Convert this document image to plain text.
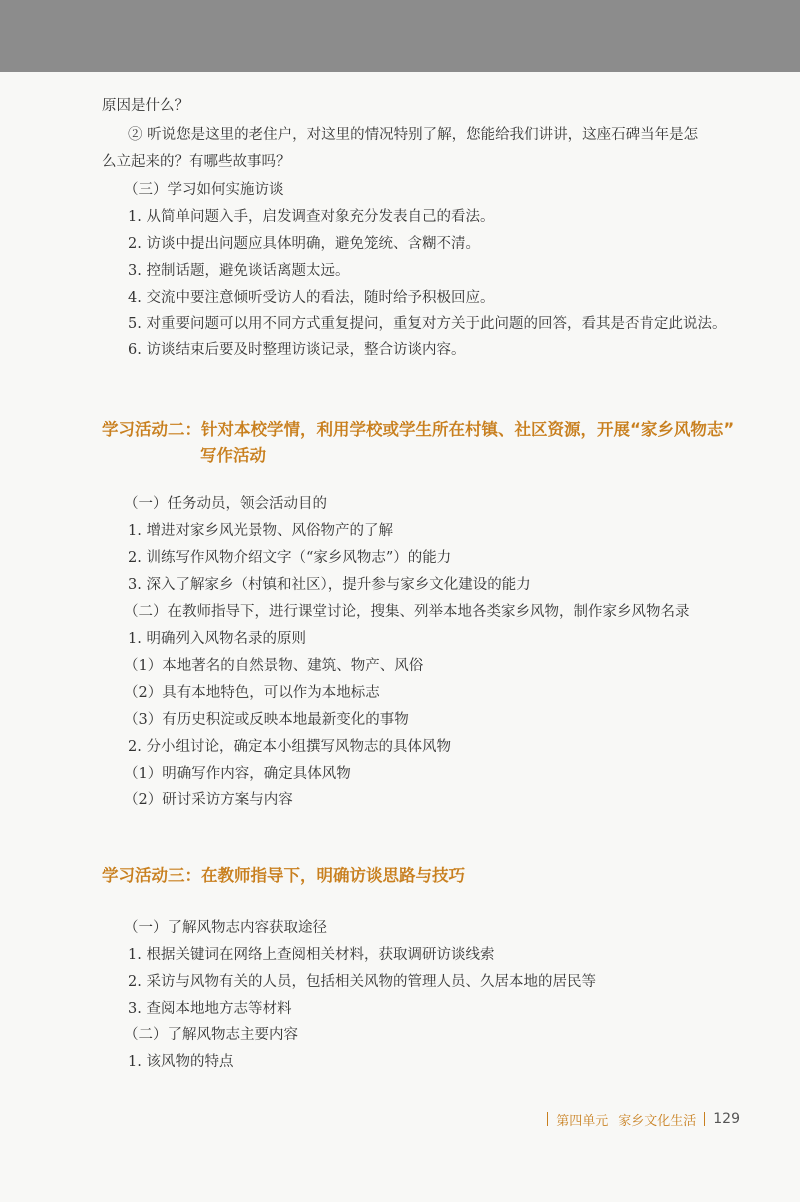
原因是什么？
② 听说您是这里的老住户，对这里的情况特别了解，您能给我们讲讲，这座石碑当年是怎
么立起来的？有哪些故事吗？
（三）学习如何实施访谈
1. 从简单问题入手，启发调查对象充分发表自己的看法。
2. 访谈中提出问题应具体明确，避免笼统、含糊不清。
3. 控制话题，避免谈话离题太远。
4. 交流中要注意倾听受访人的看法，随时给予积极回应。
5. 对重要问题可以用不同方式重复提问，重复对方关于此问题的回答，看其是否肯定此说法。
6. 访谈结束后要及时整理访谈记录，整合访谈内容。
学习活动二：针对本校学情，利用学校或学生所在村镇、社区资源，开展“家乡风物志”
写作活动
（一）任务动员，领会活动目的
1. 增进对家乡风光景物、风俗物产的了解
2. 训练写作风物介绍文字（“家乡风物志”）的能力
3. 深入了解家乡（村镇和社区），提升参与家乡文化建设的能力
（二）在教师指导下，进行课堂讨论，搜集、列举本地各类家乡风物，制作家乡风物名录
1. 明确列入风物名录的原则
（1）本地著名的自然景物、建筑、物产、风俗
（2）具有本地特色，可以作为本地标志
（3）有历史积淀或反映本地最新变化的事物
2. 分小组讨论，确定本小组撰写风物志的具体风物
（1）明确写作内容，确定具体风物
（2）研讨采访方案与内容
学习活动三：在教师指导下，明确访谈思路与技巧
（一）了解风物志内容获取途径
1. 根据关键词在网络上查阅相关材料，获取调研访谈线索
2. 采访与风物有关的人员，包括相关风物的管理人员、久居本地的居民等
3. 查阅本地地方志等材料
（二）了解风物志主要内容
1. 该风物的特点
第四单元 家乡文化生活 129
